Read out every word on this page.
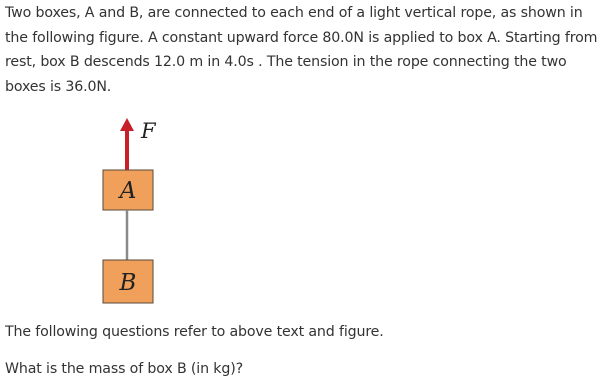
Two boxes, A and B, are connected to each end of a light vertical rope, as shown in the following figure. A constant upward force 80.0N is applied to box A. Starting from rest, box B descends 12.0 m in 4.0s . The tension in the rope connecting the two boxes is 36.0N.

F
A
B

The following questions refer to above text and figure.

What is the mass of box B (in kg)?
